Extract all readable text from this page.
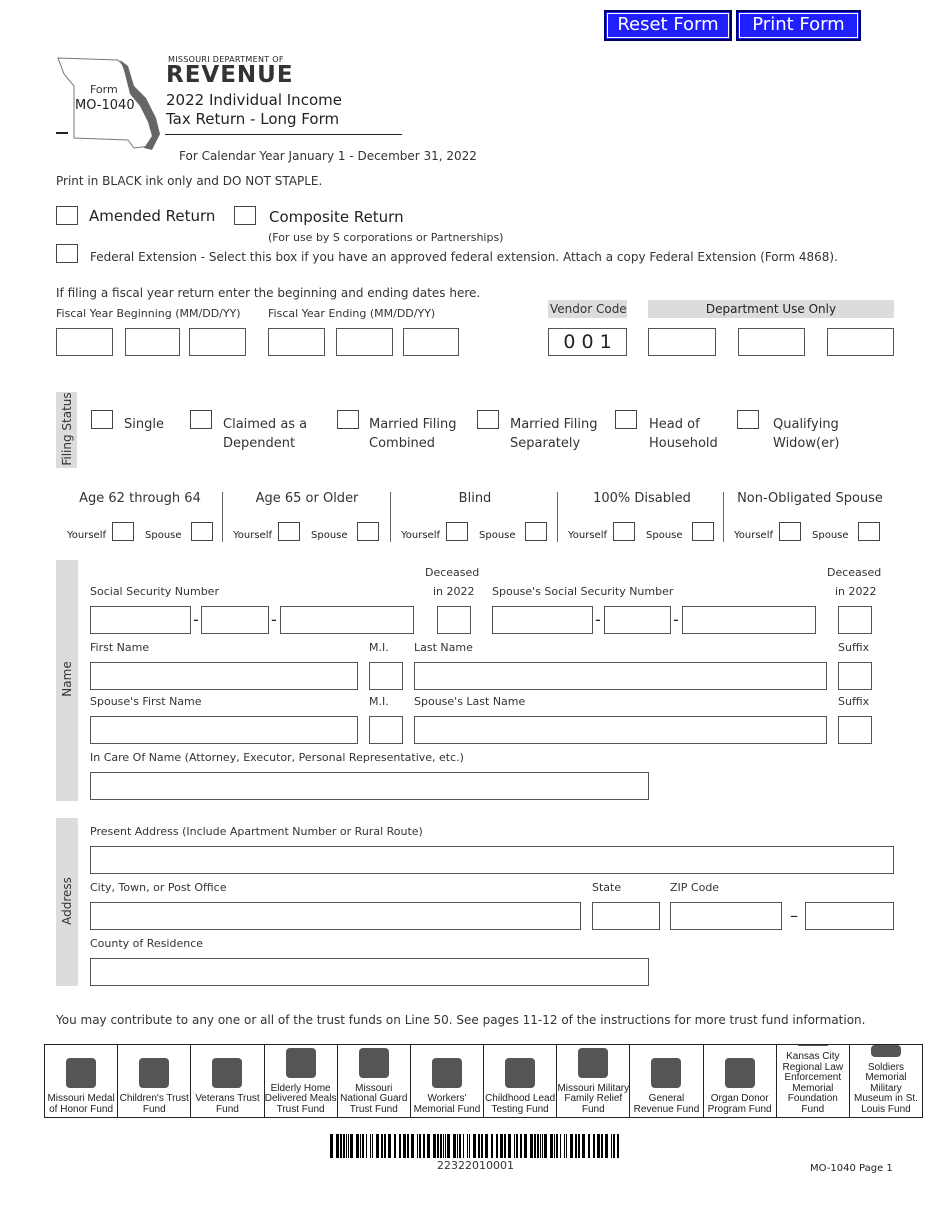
Reset Form	Print Form
Form
MO-1040
MISSOURI DEPARTMENT OF
REVENUE
2022 Individual Income
Tax Return - Long Form
For Calendar Year January 1 - December 31, 2022
Print in BLACK ink only and DO NOT STAPLE.
Amended Return	Composite Return
(For use by S corporations or Partnerships)
Federal Extension - Select this box if you have an approved federal extension. Attach a copy Federal Extension (Form 4868).
If filing a fiscal year return enter the beginning and ending dates here.
Fiscal Year Beginning (MM/DD/YY) Fiscal Year Ending (MM/DD/YY)	Vendor Code
0 0 1
Department Use Only
Filing Status	Single	Claimed as a
Dependent
Married Filing
Combined
Married Filing
Separately
Head of
Household
Qualifying
Widow(er)
Age 62 through 64
Yourself	Spouse
Age 65 or Older
Yourself	Spouse
Blind
Yourself	Spouse
100% Disabled
Yourself	Spouse
Non-Obligated Spouse
Yourself	Spouse
Name
Social Security Number
Deceased
in 2022 Spouse's Social Security Number
Deceased
in 2022
-	-	-	-
First Name	M.I. Last Name	Suffix
Spouse's First Name	M.I. Spouse's Last Name	Suffix
In Care Of Name (Attorney, Executor, Personal Representative, etc.)
Address
Present Address (Include Apartment Number or Rural Route)
City, Town, or Post Office	State	ZIP Code
–
County of Residence
You may contribute to any one or all of the trust funds on Line 50. See pages 11-12 of the instructions for more trust fund information.
Missouri Medal of Honor Fund
Children's Trust Fund
Veterans Trust Fund
Elderly Home Delivered Meals Trust Fund
Missouri National Guard Trust Fund
Workers' Memorial Fund
Childhood Lead Testing Fund
Missouri Military Family Relief Fund
General Revenue Fund
Organ Donor Program Fund
Kansas City Regional Law Enforcement Memorial Foundation Fund
Soldiers Memorial Military Museum in St. Louis Fund
22322010001	MO-1040 Page 1
